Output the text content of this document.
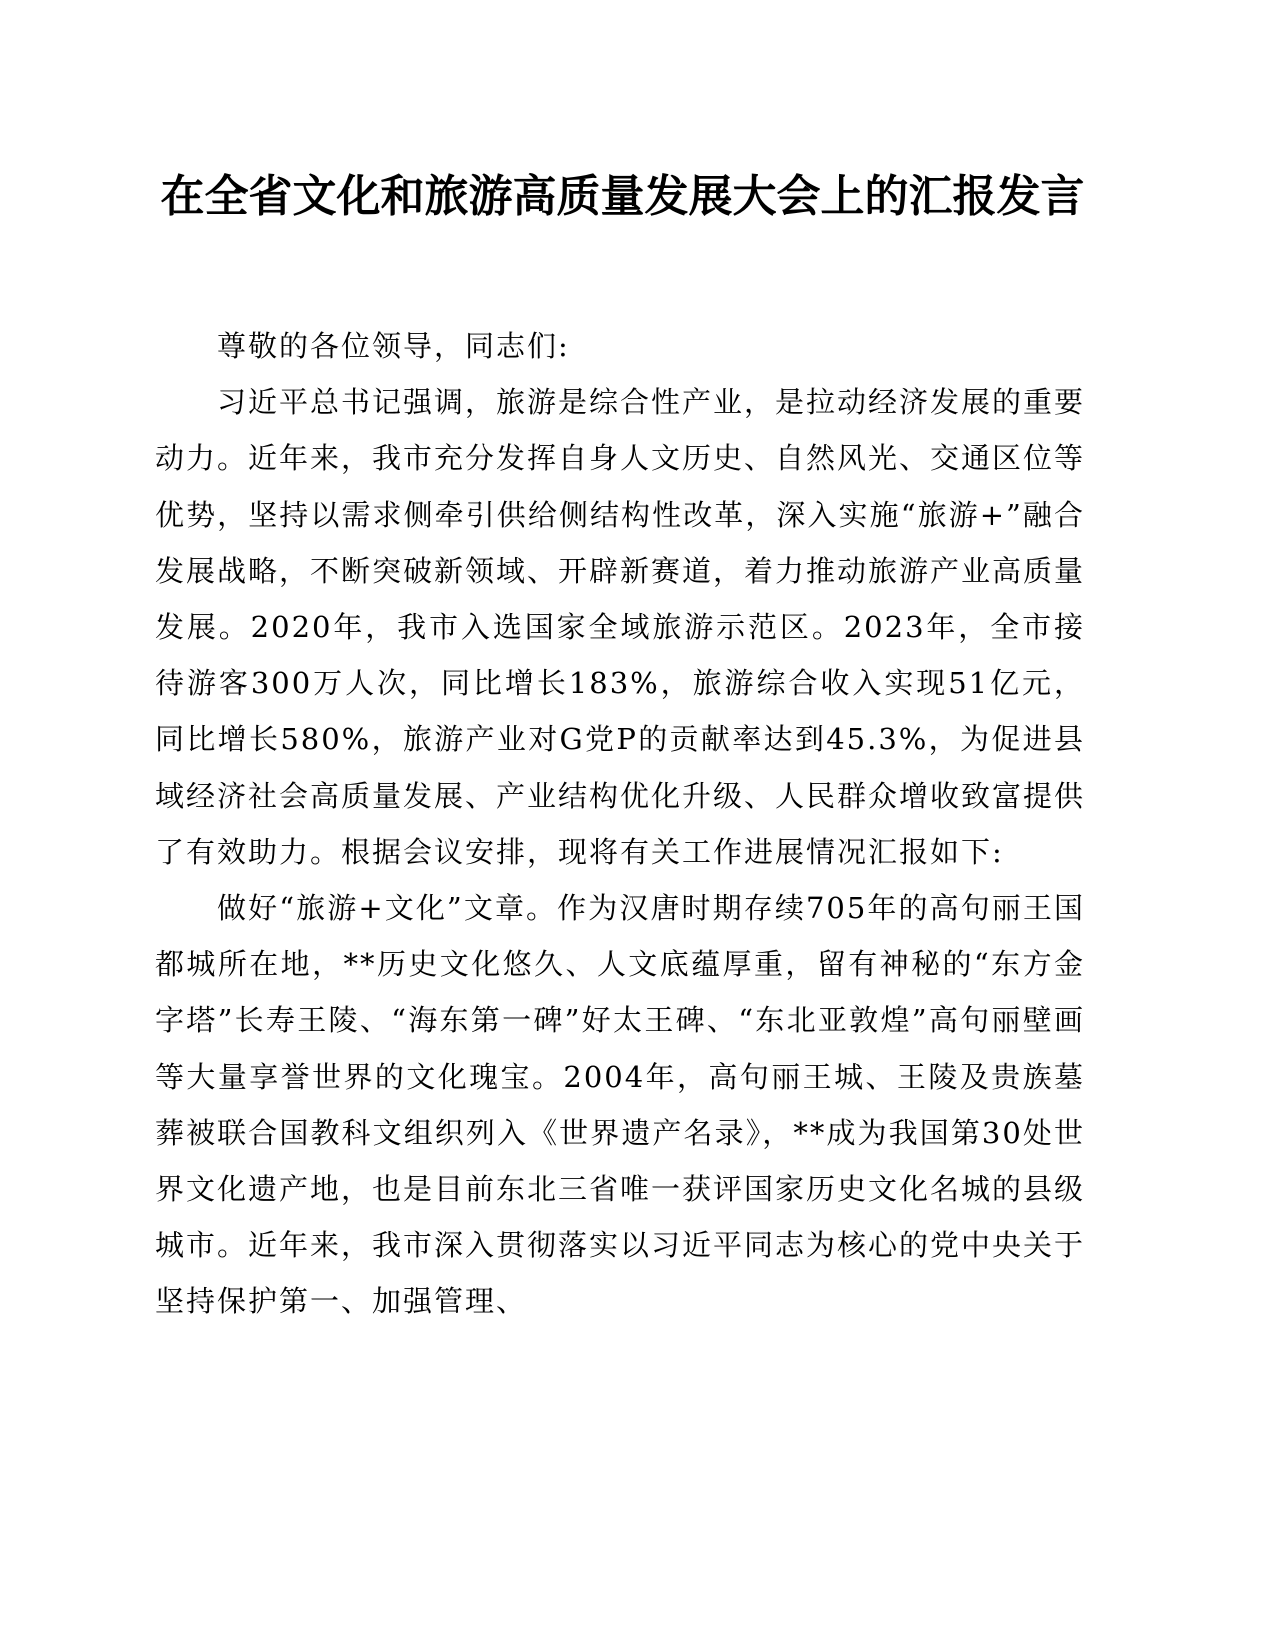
在全省文化和旅游高质量发展大会上的汇报发言

尊敬的各位领导，同志们:

习近平总书记强调，旅游是综合性产业，是拉动经济发展的重要动力。近年来，我市充分发挥自身人文历史、自然风光、交通区位等优势，坚持以需求侧牵引供给侧结构性改革，深入实施“旅游+”融合发展战略，不断突破新领域、开辟新赛道，着力推动旅游产业高质量发展。2020年，我市入选国家全域旅游示范区。2023年，全市接待游客300万人次，同比增长183%，旅游综合收入实现51亿元，同比增长580%，旅游产业对G党P的贡献率达到45.3%，为促进县域经济社会高质量发展、产业结构优化升级、人民群众增收致富提供了有效助力。根据会议安排，现将有关工作进展情况汇报如下:

做好“旅游+文化”文章。作为汉唐时期存续705年的高句丽王国都城所在地，**历史文化悠久、人文底蕴厚重，留有神秘的“东方金字塔”长寿王陵、“海东第一碑”好太王碑、“东北亚敦煌”高句丽壁画等大量享誉世界的文化瑰宝。2004年，高句丽王城、王陵及贵族墓葬被联合国教科文组织列入《世界遗产名录》，**成为我国第30处世界文化遗产地，也是目前东北三省唯一获评国家历史文化名城的县级城市。近年来，我市深入贯彻落实以习近平同志为核心的党中央关于坚持保护第一、加强管理、
